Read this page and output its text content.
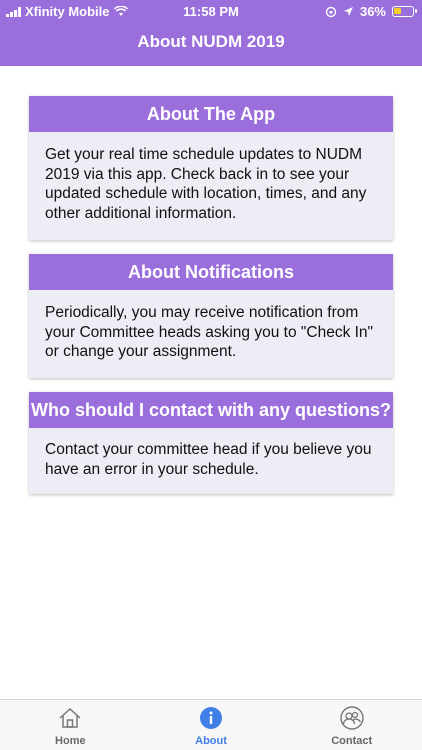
Xfinity Mobile	11:58 PM	36%
About NUDM 2019
About The App
Get your real time schedule updates to NUDM 2019 via this app. Check back in to see your updated schedule with location, times, and any other additional information.
About Notifications
Periodically, you may receive notification from your Committee heads asking you to "Check In" or change your assignment.
Who should I contact with any questions?
Contact your committee head if you believe you have an error in your schedule.
Home	About	Contact
